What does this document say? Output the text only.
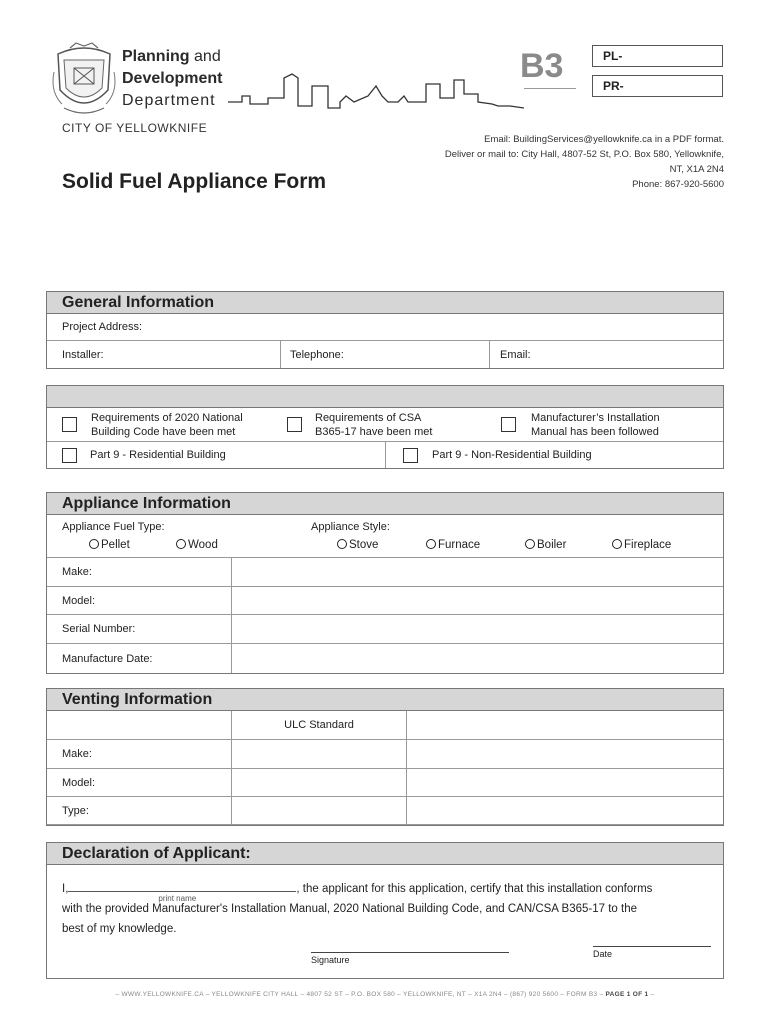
Planning and
Development
Department
CITY OF YELLOWKNIFE
B3	PL-
PR-
Email: BuildingServices@yellowknife.ca in a PDF format.
Deliver or mail to: City Hall, 4807-52 St, P.O. Box 580, Yellowknife,
NT, X1A 2N4
Phone: 867-920-5600
Solid Fuel Appliance Form
General Information
Project Address:
Installer:	Telephone:	Email:
Requirements of 2020 National
Building Code have been met
Requirements of CSA
B365-17 have been met
Manufacturer’s Installation
Manual has been followed
Part 9 - Residential Building	Part 9 - Non-Residential Building
Appliance Information
Appliance Fuel Type:
Pellet	Wood
Appliance Style:
Stove	Furnace	Boiler	Fireplace
Make:
Model:
Serial Number:
Manufacture Date:
Venting Information
ULC Standard
Make:
Model:
Type:
Declaration of Applicant:
I,
print name
, the applicant for this application, certify that this installation conforms
with the provided Manufacturer's Installation Manual, 2020 National Building Code, and CAN/CSA B365-17 to the
best of my knowledge.
Signature
Date
– WWW.YELLOWKNIFE.CA – YELLOWKNIFE CITY HALL – 4807 52 ST – P.O. BOX 580 – YELLOWKNIFE, NT – X1A 2N4 – (867) 920 5600 – FORM B3 – PAGE 1 OF 1 –
